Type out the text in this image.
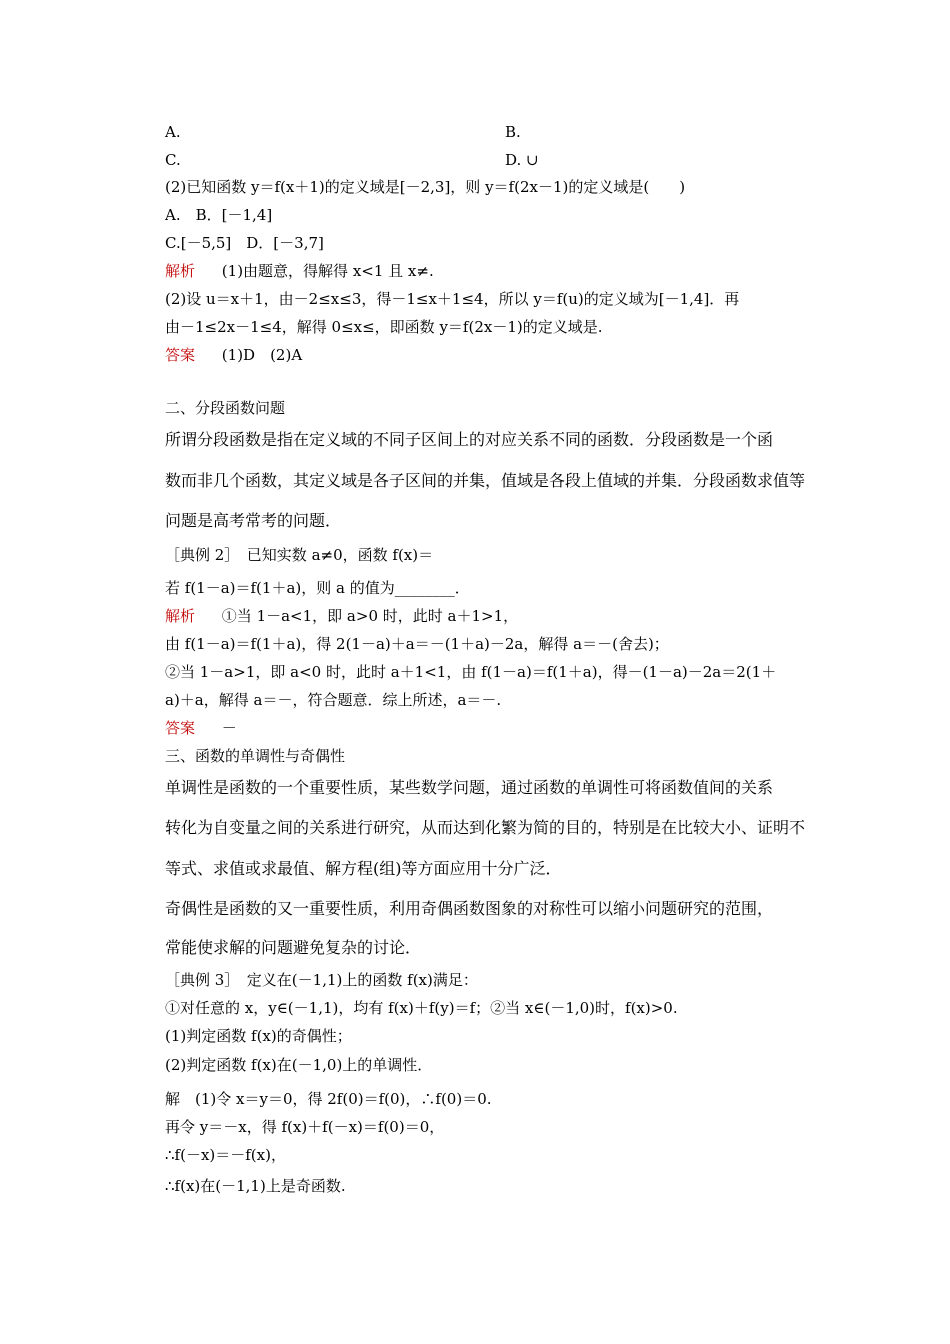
A.	B.
C.	D. ∪
(2)已知函数 y＝f(x＋1)的定义域是[－2,3]，则 y＝f(2x－1)的定义域是(　　)
A.　B．[－1,4]
C.[－5,5]　D．[－3,7]
解析 (1)由题意，得解得 x<1 且 x≠.
(2)设 u＝x＋1，由－2≤x≤3，得－1≤x＋1≤4，所以 y＝f(u)的定义域为[－1,4]．再
由－1≤2x－1≤4，解得 0≤x≤，即函数 y＝f(2x－1)的定义域是.
答案 (1)D　(2)A
二、分段函数问题
所谓分段函数是指在定义域的不同子区间上的对应关系不同的函数．分段函数是一个函
数而非几个函数，其定义域是各子区间的并集，值域是各段上值域的并集．分段函数求值等
问题是高考常考的问题．
［典例 2］　已知实数 a≠0，函数 f(x)＝
若 f(1－a)＝f(1＋a)，则 a 的值为________．
解析 ①当 1－a<1，即 a>0 时，此时 a＋1>1，
由 f(1－a)＝f(1＋a)，得 2(1－a)＋a＝－(1＋a)－2a，解得 a＝－(舍去)；
②当 1－a>1，即 a<0 时，此时 a＋1<1，由 f(1－a)＝f(1＋a)，得－(1－a)－2a＝2(1＋
a)＋a，解得 a＝－，符合题意．综上所述，a＝－.
答案 －
三、函数的单调性与奇偶性
单调性是函数的一个重要性质，某些数学问题，通过函数的单调性可将函数值间的关系
转化为自变量之间的关系进行研究，从而达到化繁为简的目的，特别是在比较大小、证明不
等式、求值或求最值、解方程(组)等方面应用十分广泛．
奇偶性是函数的又一重要性质，利用奇偶函数图象的对称性可以缩小问题研究的范围，
常能使求解的问题避免复杂的讨论．
［典例 3］　定义在(－1,1)上的函数 f(x)满足：
①对任意的 x，y∈(－1,1)，均有 f(x)＋f(y)＝f；②当 x∈(－1,0)时，f(x)>0.
(1)判定函数 f(x)的奇偶性；
(2)判定函数 f(x)在(－1,0)上的单调性．
解　(1)令 x＝y＝0，得 2f(0)＝f(0)，∴f(0)＝0.
再令 y＝－x，得 f(x)＋f(－x)＝f(0)＝0，
∴f(－x)＝－f(x)，
∴f(x)在(－1,1)上是奇函数.
